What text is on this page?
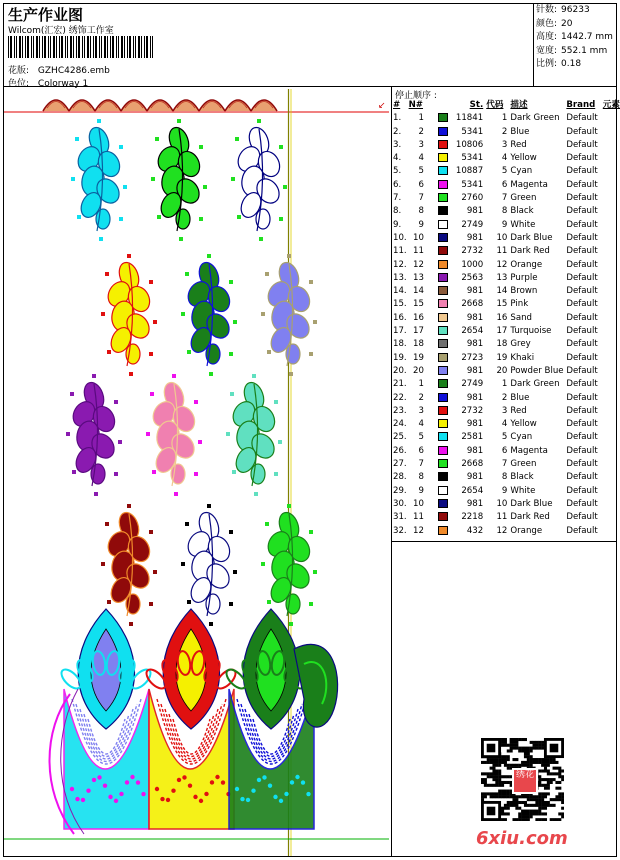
生产作业图
Wilcom(汇宏) 绣饰工作室
花版: GZHC4286.emb
色位: Colorway 1
针数: 96233
颜色: 20
高度: 1442.7 mm
宽度: 552.1 mm
比例: 0.18
停止顺序 :
#	N#		St.	代码	描述	Brand	元素
1.	1		11841	1	Dark Green	Default	
2.	2		5341	2	Blue	Default	
3.	3		10806	3	Red	Default	
4.	4		5341	4	Yellow	Default	
5.	5		10887	5	Cyan	Default	
6.	6		5341	6	Magenta	Default	
7.	7		2760	7	Green	Default	
8.	8		981	8	Black	Default	
9.	9		2749	9	White	Default	
10.	10		981	10	Dark Blue	Default	
11.	11		2732	11	Dark Red	Default	
12.	12		1000	12	Orange	Default	
13.	13		2563	13	Purple	Default	
14.	14		981	14	Brown	Default	
15.	15		2668	15	Pink	Default	
16.	16		981	16	Sand	Default	
17.	17		2654	17	Turquoise	Default	
18.	18		981	18	Grey	Default	
19.	19		2723	19	Khaki	Default	
20.	20		981	20	Powder Blue	Default	
21.	1		2749	1	Dark Green	Default	
22.	2		981	2	Blue	Default	
23.	3		2732	3	Red	Default	
24.	4		981	4	Yellow	Default	
25.	5		2581	5	Cyan	Default	
26.	6		981	6	Magenta	Default	
27.	7		2668	7	Green	Default	
28.	8		981	8	Black	Default	
29.	9		2654	9	White	Default	
30.	10		981	10	Dark Blue	Default	
31.	11		2218	11	Dark Red	Default	
32.	12		432	12	Orange	Default	
↙
绣花
6xiu.com
